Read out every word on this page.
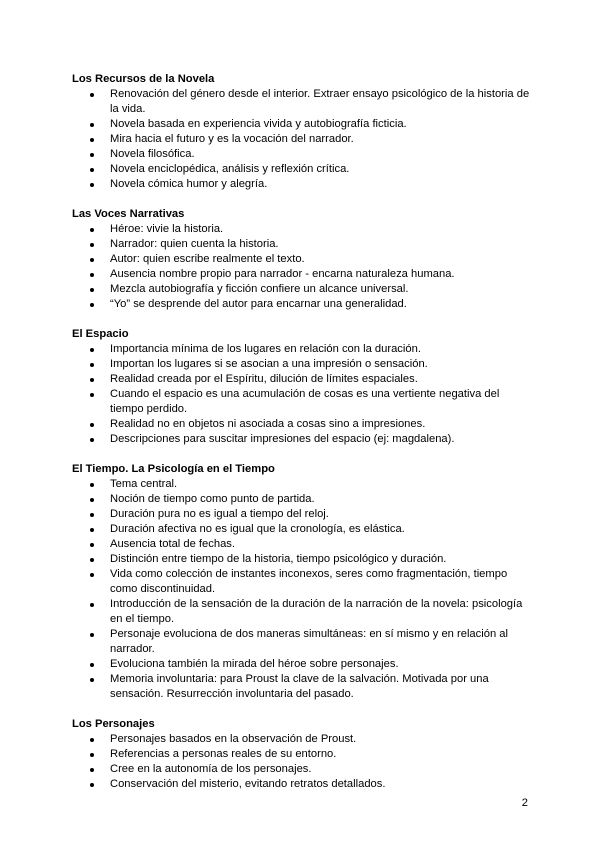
Los Recursos de la Novela

Renovación del género desde el interior. Extraer ensayo psicológico de la historia de la vida.
Novela basada en experiencia vivida y autobiografía ficticia.
Mira hacia el futuro y es la vocación del narrador.
Novela filosófica.
Novela enciclopédica, análisis y reflexión crítica.
Novela cómica humor y alegría.

Las Voces Narrativas

Héroe: vivie la historia.
Narrador: quien cuenta la historia.
Autor: quien escribe realmente el texto.
Ausencia nombre propio para narrador - encarna naturaleza humana.
Mezcla autobiografía y ficción confiere un alcance universal.
“Yo” se desprende del autor para encarnar una generalidad.

El Espacio

Importancia mínima de los lugares en relación con la duración.
Importan los lugares si se asocian a una impresión o sensación.
Realidad creada por el Espíritu, dilución de límites espaciales.
Cuando el espacio es una acumulación de cosas es una vertiente negativa del tiempo perdido.
Realidad no en objetos ni asociada a cosas sino a impresiones.
Descripciones para suscitar impresiones del espacio (ej: magdalena).

El Tiempo. La Psicología en el Tiempo

Tema central.
Noción de tiempo como punto de partida.
Duración pura no es igual a tiempo del reloj.
Duración afectiva no es igual que la cronología, es elástica.
Ausencia total de fechas.
Distinción entre tiempo de la historia, tiempo psicológico y duración.
Vida como colección de instantes inconexos, seres como fragmentación, tiempo como discontinuidad.
Introducción de la sensación de la duración de la narración de la novela: psicología en el tiempo.
Personaje evoluciona de dos maneras simultáneas: en sí mismo y en relación al narrador.
Evoluciona también la mirada del héroe sobre personajes.
Memoria involuntaria: para Proust la clave de la salvación. Motivada por una sensación. Resurrección involuntaria del pasado.

Los Personajes

Personajes basados en la observación de Proust.
Referencias a personas reales de su entorno.
Cree en la autonomía de los personajes.
Conservación del misterio, evitando retratos detallados.
2
